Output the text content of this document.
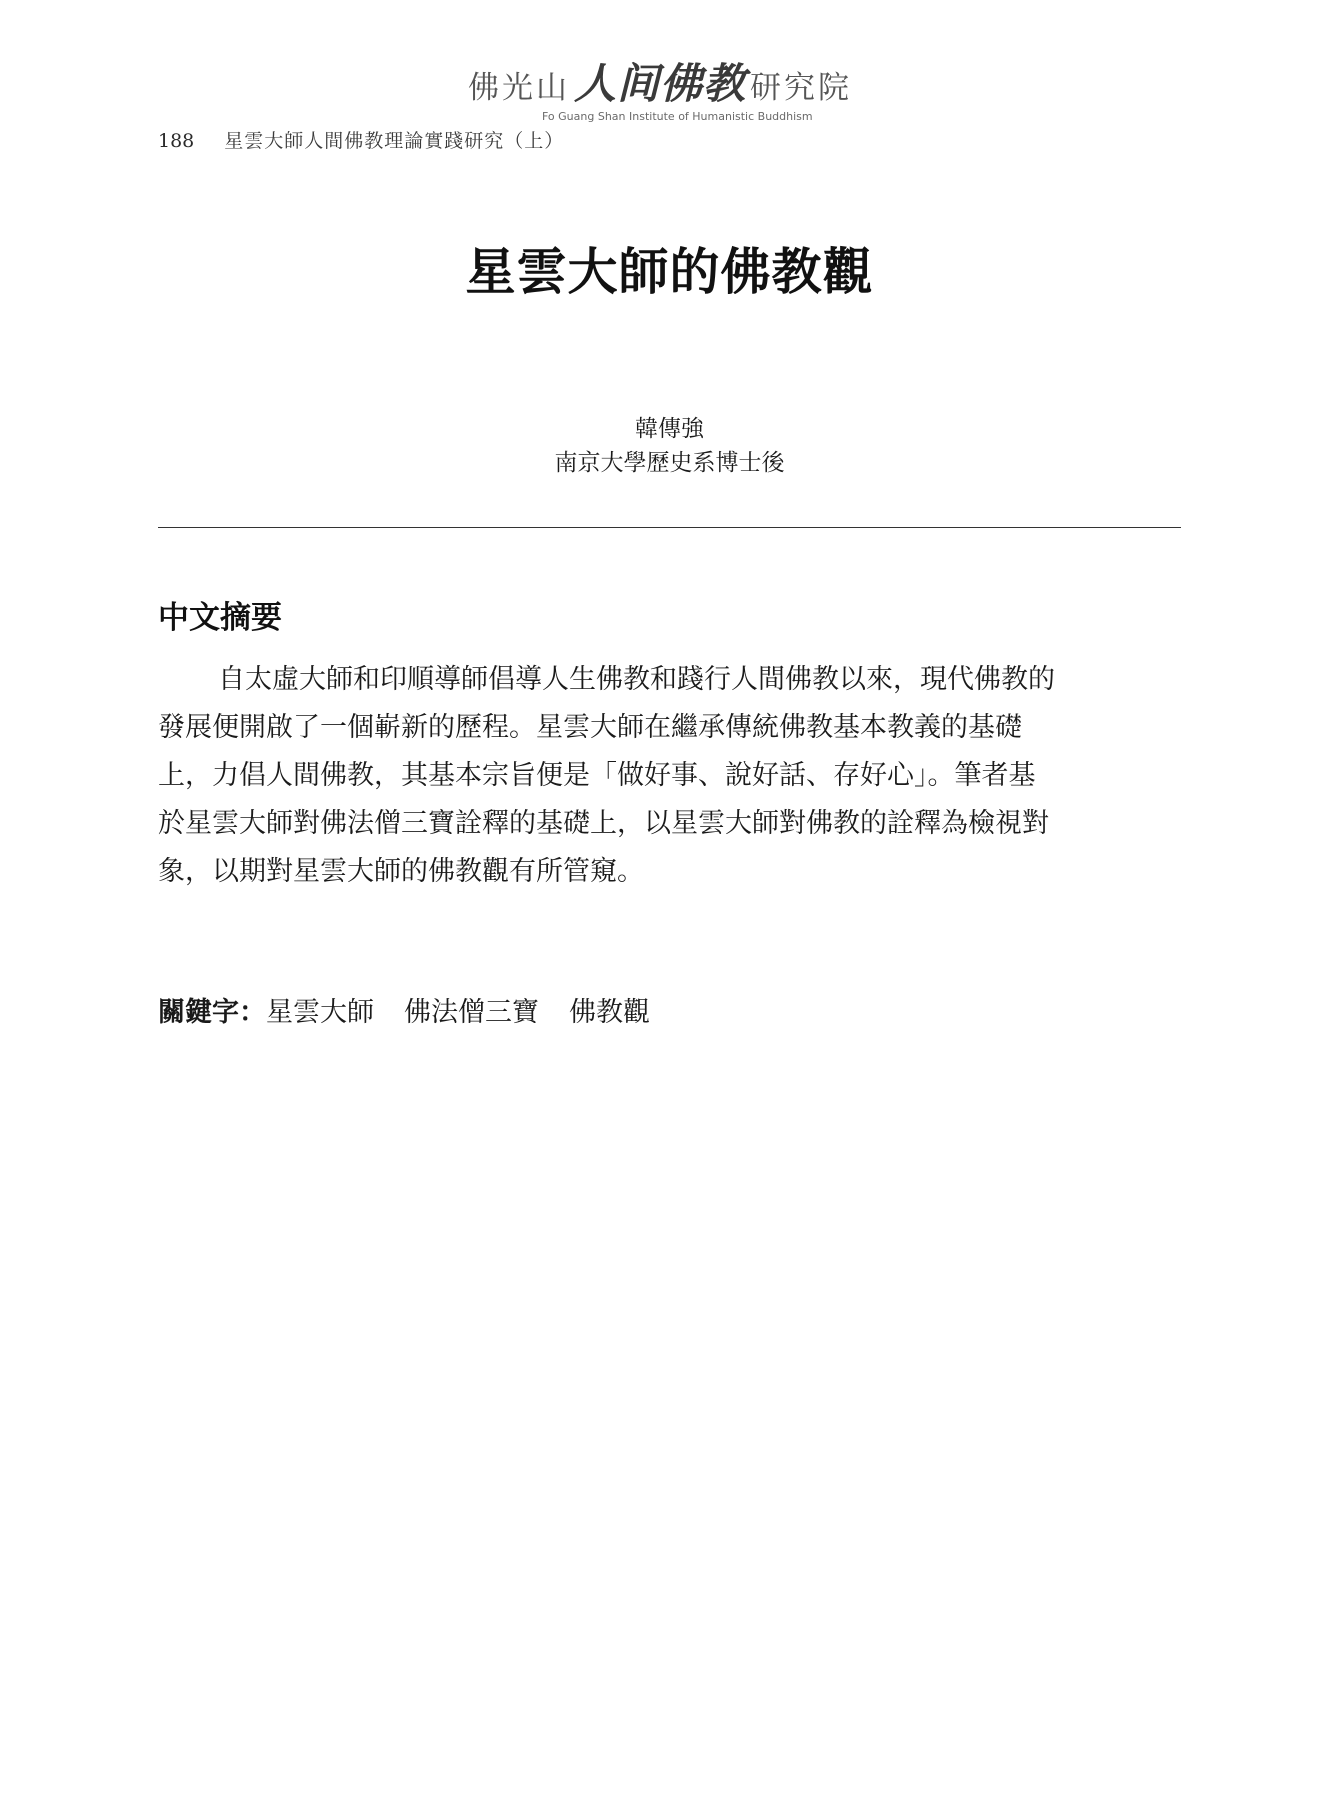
佛光山人间佛教 研究院
Fo Guang Shan Institute of Humanistic Buddhism
188 星雲大師人間佛教理論實踐研究（上）
星雲大師的佛教觀
韓傳強
南京大學歷史系博士後
中文摘要
自太虛大師和印順導師倡導人生佛教和踐行人間佛教以來，現代佛教的
發展便開啟了一個嶄新的歷程。星雲大師在繼承傳統佛教基本教義的基礎
上，力倡人間佛教，其基本宗旨便是「做好事、說好話、存好心」。筆者基
於星雲大師對佛法僧三寶詮釋的基礎上，以星雲大師對佛教的詮釋為檢視對
象，以期對星雲大師的佛教觀有所管窺。
關鍵字：星雲大師 佛法僧三寶 佛教觀
